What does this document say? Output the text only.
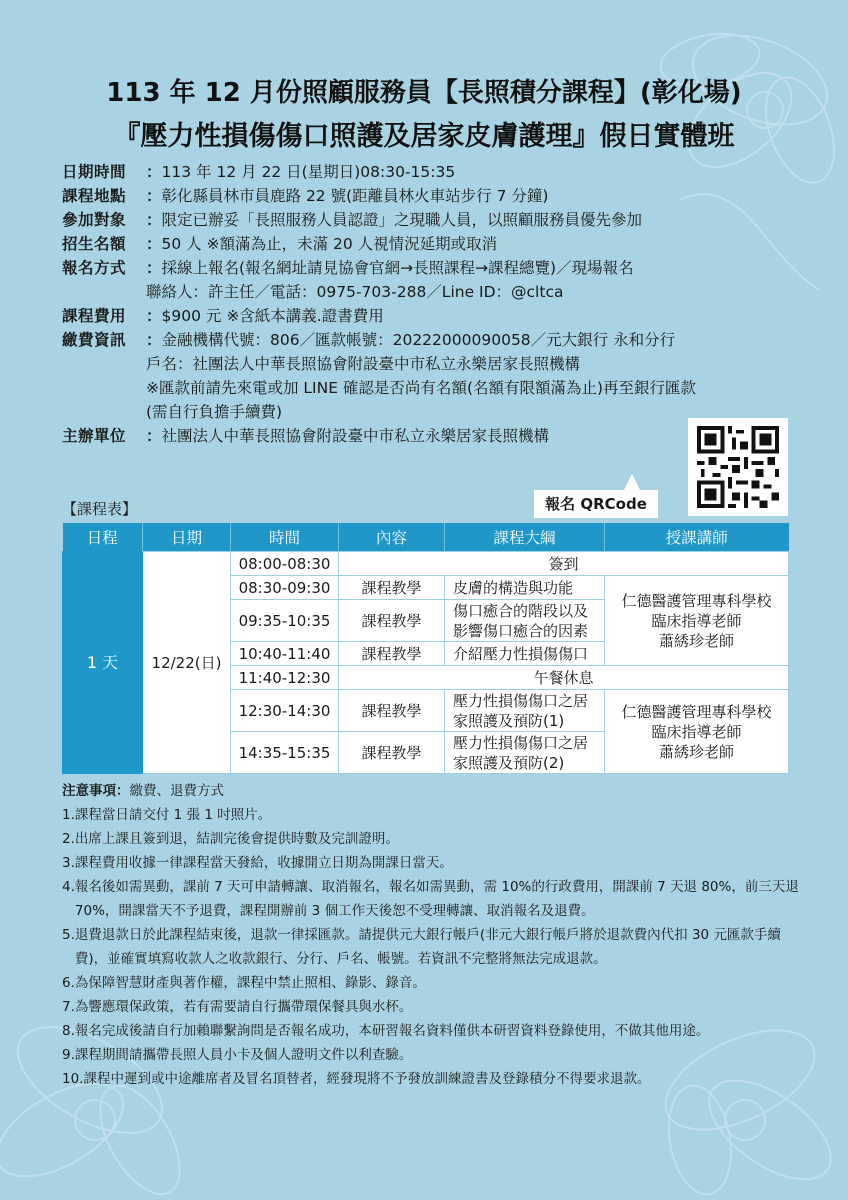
113 年 12 月份照顧服務員【長照積分課程】(彰化場)
『壓力性損傷傷口照護及居家皮膚護理』假日實體班
日期時間	： 113 年 12 月 22 日(星期日)08:30-15:35
課程地點	： 彰化縣員林市員鹿路 22 號(距離員林火車站步行 7 分鐘)
參加對象	： 限定已辦妥「長照服務人員認證」之現職人員，以照顧服務員優先參加
招生名額	： 50 人 ※額滿為止，未滿 20 人視情況延期或取消
報名方式	： 採線上報名(報名網址請見協會官網→長照課程→課程總覽)／現場報名
聯絡人：許主任／電話：0975-703-288／Line ID：@cltca
課程費用	： $900 元 ※含紙本講義.證書費用
繳費資訊	： 金融機構代號：806／匯款帳號：20222000090058／元大銀行 永和分行
戶名：社團法人中華長照協會附設臺中市私立永樂居家長照機構
※匯款前請先來電或加 LINE 確認是否尚有名額(名額有限額滿為止)再至銀行匯款
(需自行負擔手續費)
主辦單位	： 社團法人中華長照協會附設臺中市私立永樂居家長照機構
報名 QRCode
【課程表】
日程	日期	時間	內容	課程大綱	授課講師
1 天	12/22(日)	08:00-08:30	簽到		
		08:30-09:30	課程教學	皮膚的構造與功能	仁德醫護管理專科學校
臨床指導老師
蕭綉珍老師

		09:35-10:35	課程教學	傷口癒合的階段以及影響傷口癒合的因素	
		10:40-11:40	課程教學	介紹壓力性損傷傷口	
		11:40-12:30	午餐休息		
		12:30-14:30	課程教學	壓力性損傷傷口之居家照護及預防(1)	仁德醫護管理專科學校
臨床指導老師
蕭綉珍老師

		14:35-15:35	課程教學	壓力性損傷傷口之居家照護及預防(2)	
注意事項：繳費、退費方式
1. 課程當日請交付 1 張 1 吋照片。
2. 出席上課且簽到退，結訓完後會提供時數及完訓證明。
3. 課程費用收據一律課程當天發給，收據開立日期為開課日當天。
4. 報名後如需異動，課前 7 天可申請轉讓、取消報名，報名如需異動，需 10%的行政費用，開課前 7 天退 80%，前三天退 70%，開課當天不予退費，課程開辦前 3 個工作天後恕不受理轉讓、取消報名及退費。
5. 退費退款日於此課程結束後，退款一律採匯款。請提供元大銀行帳戶(非元大銀行帳戶將於退款費內代扣 30 元匯款手續費)，並確實填寫收款人之收款銀行、分行、戶名、帳號。若資訊不完整將無法完成退款。
6. 為保障智慧財產與著作權，課程中禁止照相、錄影、錄音。
7. 為響應環保政策，若有需要請自行攜帶環保餐具與水杯。
8. 報名完成後請自行加賴聯繫詢問是否報名成功，本研習報名資料僅供本研習資料登錄使用，不做其他用途。
9. 課程期間請攜帶長照人員小卡及個人證明文件以利查驗。
10. 課程中遲到或中途離席者及冒名頂替者，經發現將不予發放訓練證書及登錄積分不得要求退款。
